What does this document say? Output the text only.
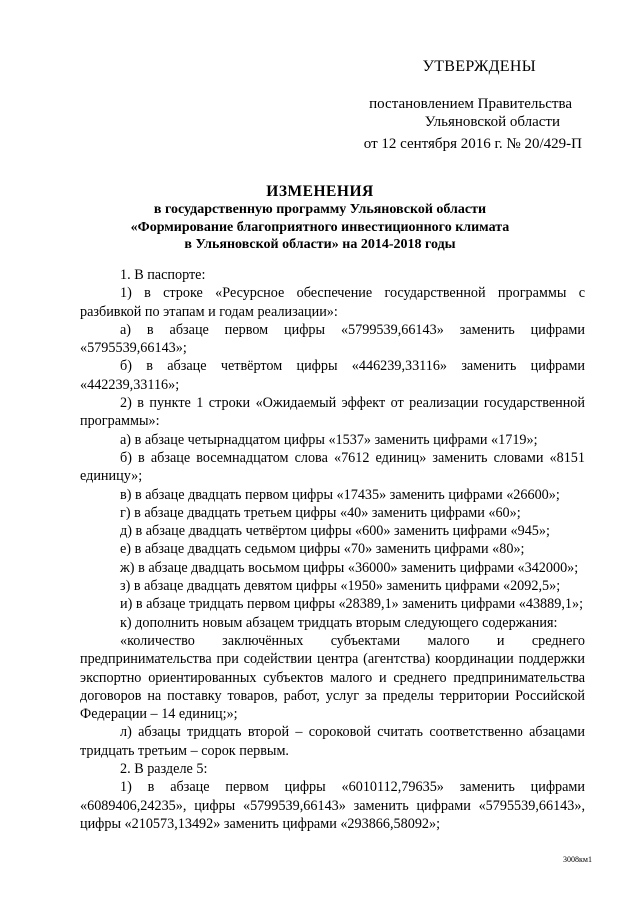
УТВЕРЖДЕНЫ
постановлением Правительства
Ульяновской области
от 12 сентября 2016 г. № 20/429-П
ИЗМЕНЕНИЯ
в государственную программу Ульяновской области
«Формирование благоприятного инвестиционного климата
в Ульяновской области» на 2014-2018 годы

1. В паспорте:

1) в строке «Ресурсное обеспечение государственной программы с разбивкой по этапам и годам реализации»:

а) в абзаце первом цифры «5799539,66143» заменить цифрами «5795539,66143»;

б) в абзаце четвёртом цифры «446239,33116» заменить цифрами «442239,33116»;

2) в пункте 1 строки «Ожидаемый эффект от реализации государственной программы»:

а) в абзаце четырнадцатом цифры «1537» заменить цифрами «1719»;

б) в абзаце восемнадцатом слова «7612 единиц» заменить словами «8151 единицу»;

в) в абзаце двадцать первом цифры «17435» заменить цифрами «26600»;

г) в абзаце двадцать третьем цифры «40» заменить цифрами «60»;

д) в абзаце двадцать четвёртом цифры «600» заменить цифрами «945»;

е) в абзаце двадцать седьмом цифры «70» заменить цифрами «80»;

ж) в абзаце двадцать восьмом цифры «36000» заменить цифрами «342000»;

з) в абзаце двадцать девятом цифры «1950» заменить цифрами «2092,5»;

и) в абзаце тридцать первом цифры «28389,1» заменить цифрами «43889,1»;

к) дополнить новым абзацем тридцать вторым следующего содержания:

«количество заключённых субъектами малого и среднего предпринимательства при содействии центра (агентства) координации поддержки экспортно ориентированных субъектов малого и среднего предпринимательства договоров на поставку товаров, работ, услуг за пределы территории Российской Федерации – 14 единиц;»;

л) абзацы тридцать второй – сороковой считать соответственно абзацами тридцать третьим – сорок первым.

2. В разделе 5:

1) в абзаце первом цифры «6010112,79635» заменить цифрами «6089406,24235», цифры «5799539,66143» заменить цифрами «5795539,66143», цифры «210573,13492» заменить цифрами «293866,58092»;

3008км1
